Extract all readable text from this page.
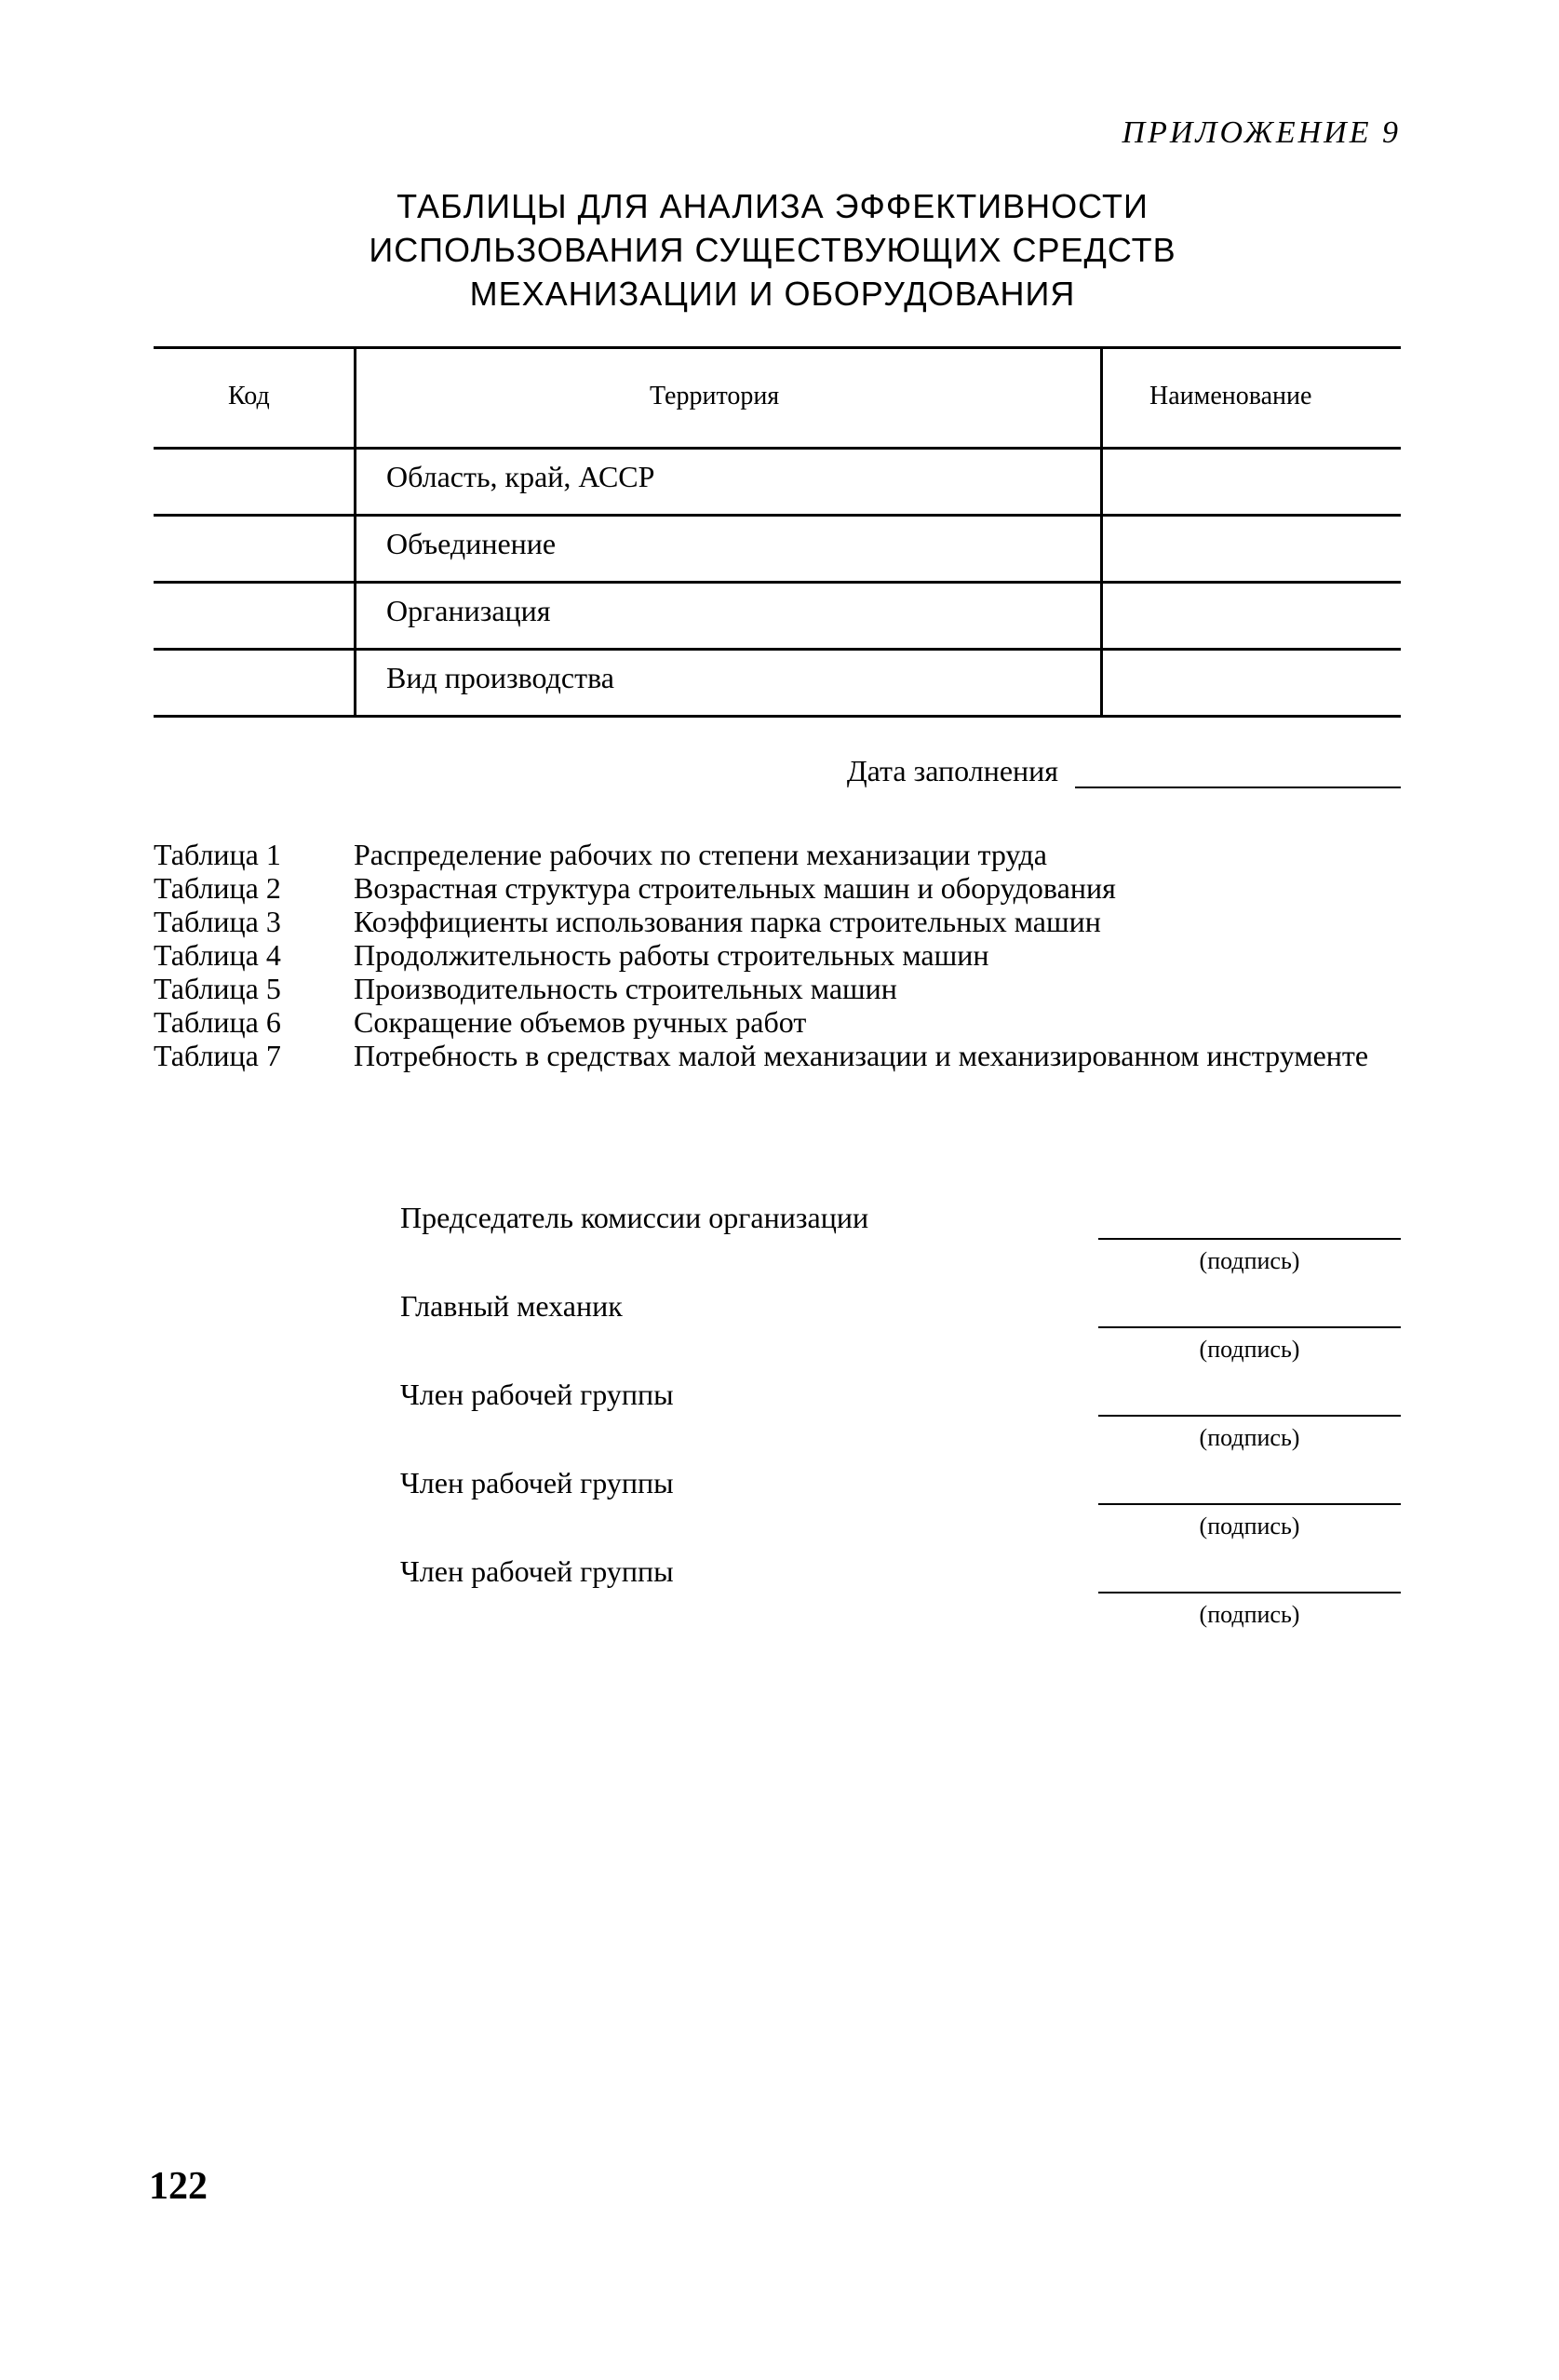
ПРИЛОЖЕНИЕ 9
ТАБЛИЦЫ ДЛЯ АНАЛИЗА ЭФФЕКТИВНОСТИ
ИСПОЛЬЗОВАНИЯ СУЩЕСТВУЮЩИХ СРЕДСТВ
МЕХАНИЗАЦИИ И ОБОРУДОВАНИЯ
Код	Территория	Наименование
Область, край, АССР
Объединение
Организация
Вид производства
Дата заполнения
Таблица 1	Распределение рабочих по степени механизации труда
Таблица 2	Возрастная структура строительных машин и оборудования
Таблица 3	Коэффициенты использования парка строительных машин
Таблица 4	Продолжительность работы строительных машин
Таблица 5	Производительность строительных машин
Таблица 6	Сокращение объемов ручных работ
Таблица 7	Потребность в средствах малой механизации и механизированном инструменте
Председатель комиссии организации
(подпись)
Главный механик
(подпись)
Член рабочей группы
(подпись)
Член рабочей группы
(подпись)
Член рабочей группы
(подпись)
122
